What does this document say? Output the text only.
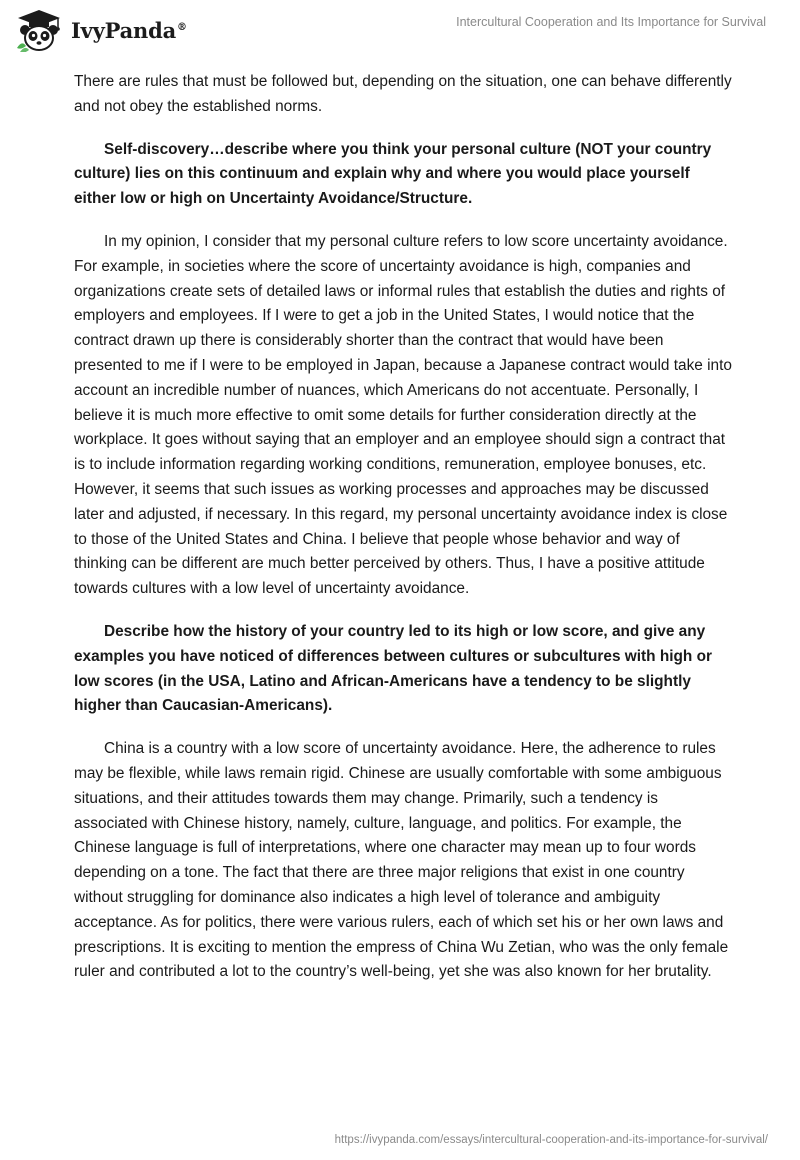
IvyPanda®	Intercultural Cooperation and Its Importance for Survival

There are rules that must be followed but, depending on the situation, one can behave differently and not obey the established norms.

Self-discovery…describe where you think your personal culture (NOT your country culture) lies on this continuum and explain why and where you would place yourself either low or high on Uncertainty Avoidance/Structure.

In my opinion, I consider that my personal culture refers to low score uncertainty avoidance. For example, in societies where the score of uncertainty avoidance is high, companies and organizations create sets of detailed laws or informal rules that establish the duties and rights of employers and employees. If I were to get a job in the United States, I would notice that the contract drawn up there is considerably shorter than the contract that would have been presented to me if I were to be employed in Japan, because a Japanese contract would take into account an incredible number of nuances, which Americans do not accentuate. Personally, I believe it is much more effective to omit some details for further consideration directly at the workplace. It goes without saying that an employer and an employee should sign a contract that is to include information regarding working conditions, remuneration, employee bonuses, etc. However, it seems that such issues as working processes and approaches may be discussed later and adjusted, if necessary. In this regard, my personal uncertainty avoidance index is close to those of the United States and China. I believe that people whose behavior and way of thinking can be different are much better perceived by others. Thus, I have a positive attitude towards cultures with a low level of uncertainty avoidance.

Describe how the history of your country led to its high or low score, and give any examples you have noticed of differences between cultures or subcultures with high or low scores (in the USA, Latino and African-Americans have a tendency to be slightly higher than Caucasian-Americans).

China is a country with a low score of uncertainty avoidance. Here, the adherence to rules may be flexible, while laws remain rigid. Chinese are usually comfortable with some ambiguous situations, and their attitudes towards them may change. Primarily, such a tendency is associated with Chinese history, namely, culture, language, and politics. For example, the Chinese language is full of interpretations, where one character may mean up to four words depending on a tone. The fact that there are three major religions that exist in one country without struggling for dominance also indicates a high level of tolerance and ambiguity acceptance. As for politics, there were various rulers, each of which set his or her own laws and prescriptions. It is exciting to mention the empress of China Wu Zetian, who was the only female ruler and contributed a lot to the country’s well-being, yet she was also known for her brutality.

https://ivypanda.com/essays/intercultural-cooperation-and-its-importance-for-survival/
